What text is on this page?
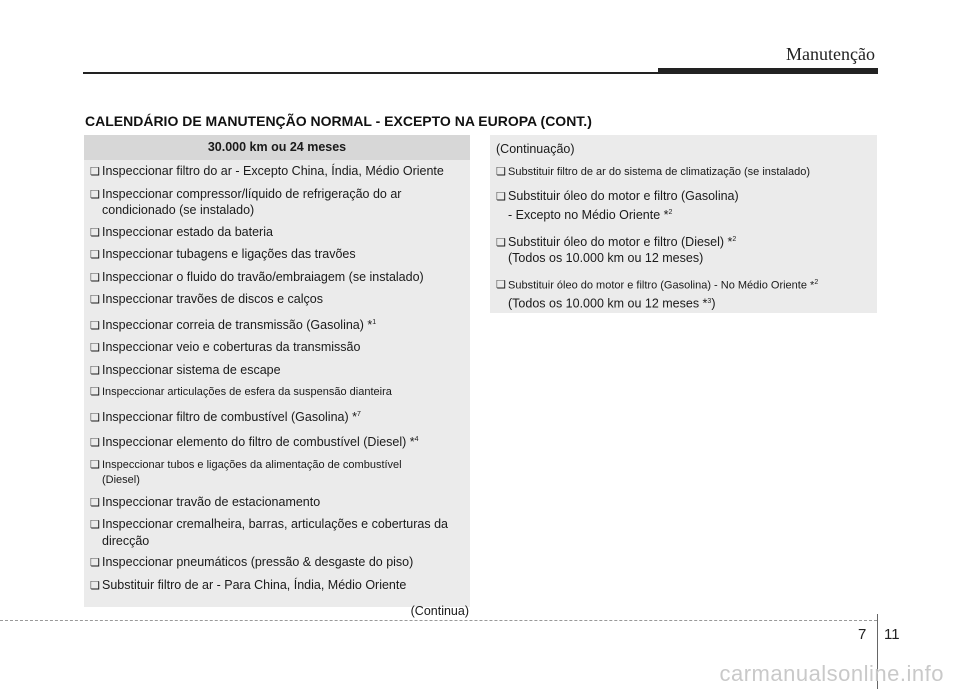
Manutenção
CALENDÁRIO DE MANUTENÇÃO NORMAL - EXCEPTO NA EUROPA (CONT.)
30.000 km ou 24 meses
❏ Inspeccionar filtro do ar - Excepto China, Índia, Médio Oriente
❏ Inspeccionar compressor/líquido de refrigeração do ar condicionado (se instalado)
❏ Inspeccionar estado da bateria
❏ Inspeccionar tubagens e ligações das travões
❏ Inspeccionar o fluido do travão/embraiagem (se instalado)
❏ Inspeccionar travões de discos e calços
❏ Inspeccionar correia de transmissão (Gasolina) *$^1$
❏ Inspeccionar veio e coberturas da transmissão
❏ Inspeccionar sistema de escape
❏ Inspeccionar articulações de esfera da suspensão dianteira
❏ Inspeccionar filtro de combustível (Gasolina) *$^7$
❏ Inspeccionar elemento do filtro de combustível (Diesel) *$^4$
❏ Inspeccionar tubos e ligações da alimentação de combustível
(Diesel)
❏ Inspeccionar travão de estacionamento
❏ Inspeccionar cremalheira, barras, articulações e coberturas da direcção
❏ Inspeccionar pneumáticos (pressão & desgaste do piso)
❏ Substituir filtro de ar - Para China, Índia, Médio Oriente
(Continua)
(Continuação)
❏ Substituir filtro de ar do sistema de climatização (se instalado)
❏ Substituir óleo do motor e filtro (Gasolina)
- Excepto no Médio Oriente *$^2$
❏ Substituir óleo do motor e filtro (Diesel) *$^2$
(Todos os 10.000 km ou 12 meses)
❏ Substituir óleo do motor e filtro (Gasolina) - No Médio Oriente *$^2$
(Todos os 10.000 km ou 12 meses *$^3$)
7 11
carmanualsonline.info
